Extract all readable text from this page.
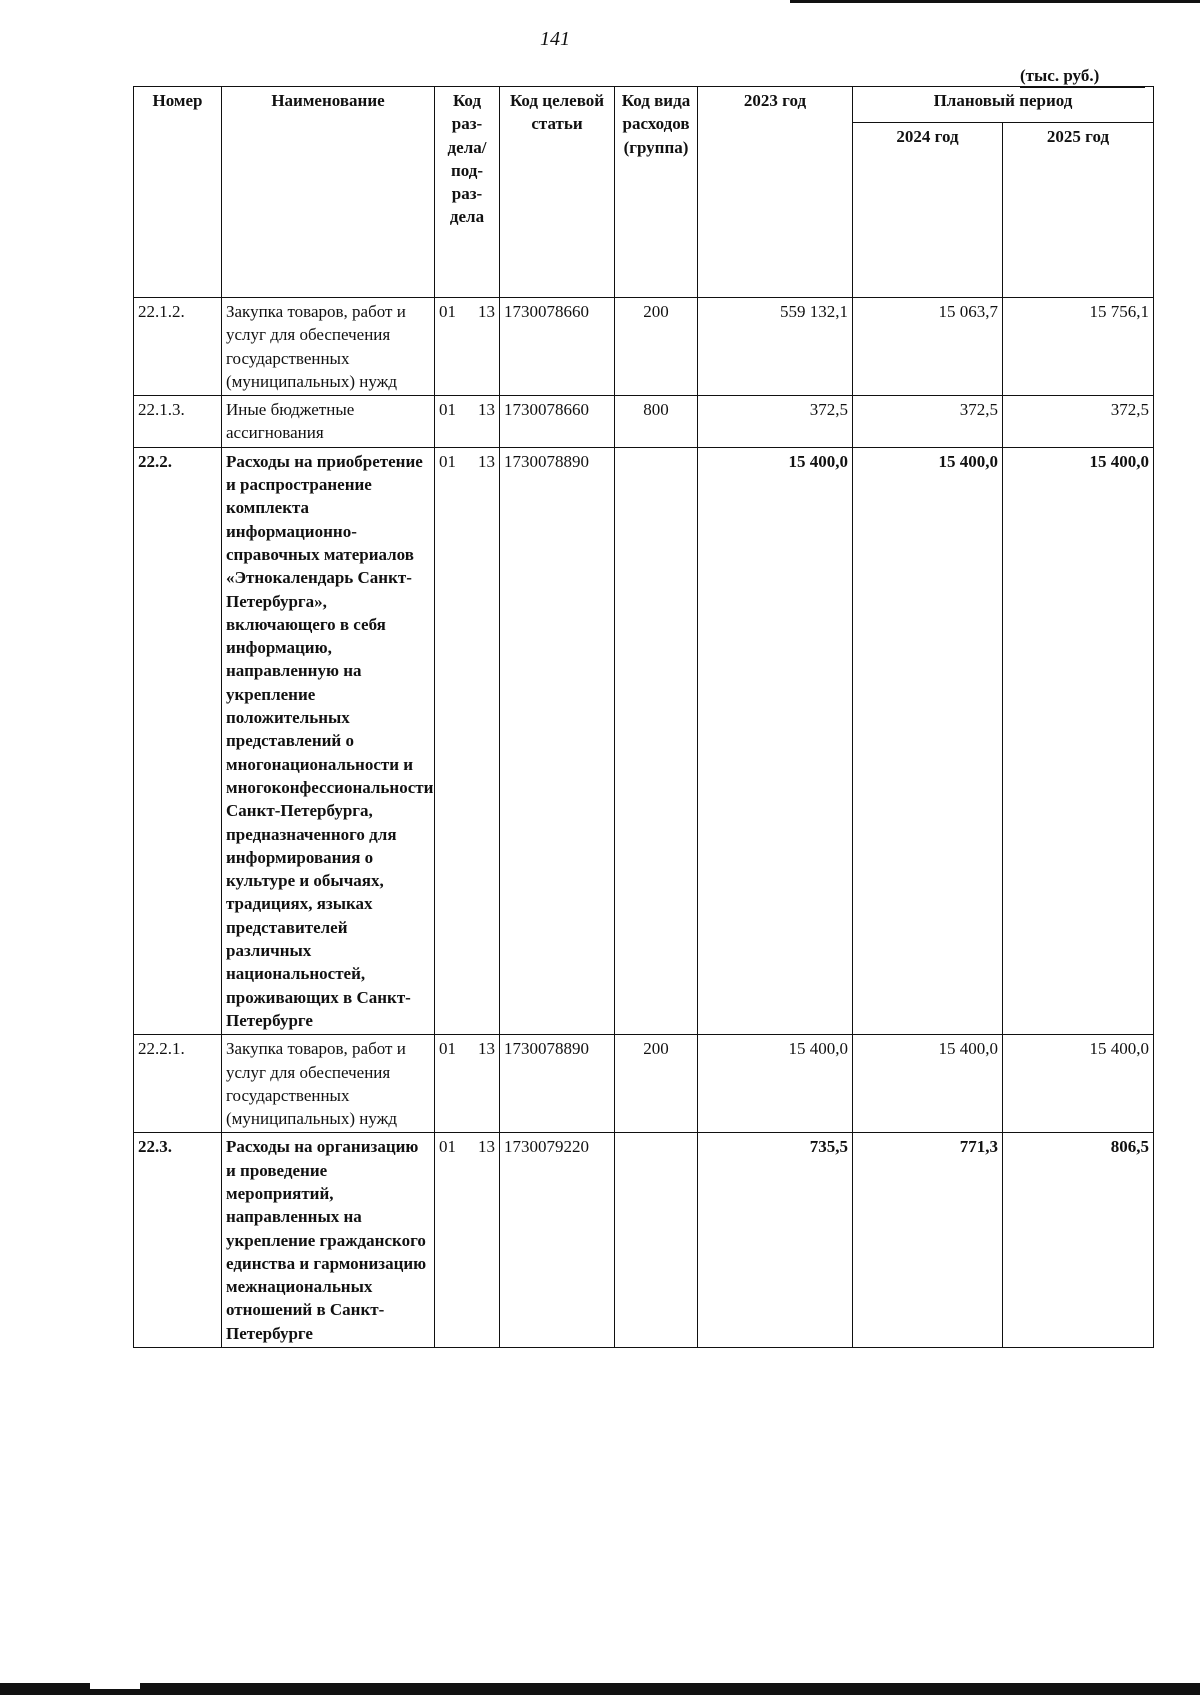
141
(тыс. руб.)
Номер	Наименование	Код раз- дела/ под- раз- дела	Код целевой статьи	Код вида расходов (группа)	2023 год	Плановый период	
						2024 год	2025 год
22.1.2.	Закупка товаров, работ и услуг для обеспечения государственных (муниципальных) нужд	01 13	1730078660	200	559 132,1	15 063,7	15 756,1
22.1.3.	Иные бюджетные ассигнования	01 13	1730078660	800	372,5	372,5	372,5
22.2.	Расходы на приобретение и распространение комплекта информационно-справочных материалов «Этнокалендарь Санкт-Петербурга», включающего в себя информацию, направленную на укрепление положительных представлений о многонациональности и многоконфессиональности Санкт-Петербурга, предназначенного для информирования о культуре и обычаях, традициях, языках представителей различных национальностей, проживающих в Санкт-Петербурге	01 13	1730078890		15 400,0	15 400,0	15 400,0
22.2.1.	Закупка товаров, работ и услуг для обеспечения государственных (муниципальных) нужд	01 13	1730078890	200	15 400,0	15 400,0	15 400,0
22.3.	Расходы на организацию и проведение мероприятий, направленных на укрепление гражданского единства и гармонизацию межнациональных отношений в Санкт-Петербурге	01 13	1730079220		735,5	771,3	806,5
